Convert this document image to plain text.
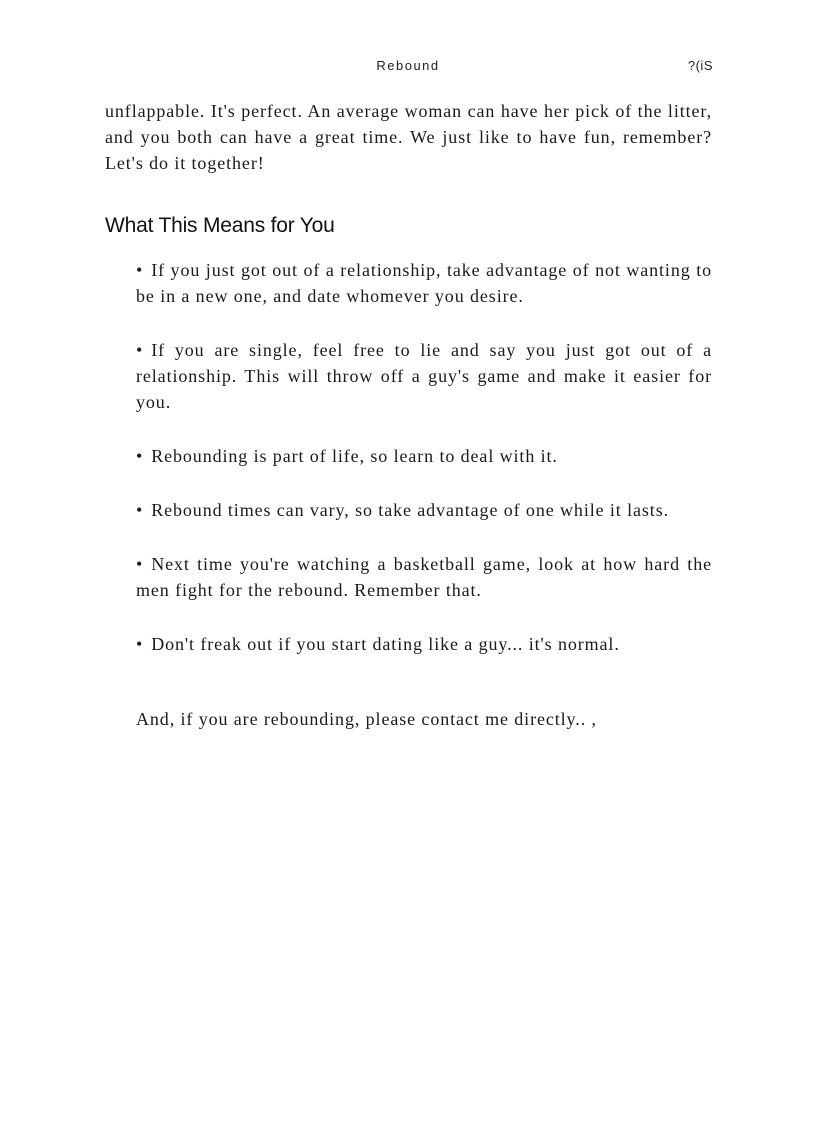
Rebound	?(iS

unflappable. It's perfect. An average woman can have her pick of the litter, and you both can have a great time. We just like to have fun, remember? Let's do it together!

What This Means for You
• If you just got out of a relationship, take advantage of not wanting to be in a new one, and date whomever you desire.
• If you are single, feel free to lie and say you just got out of a relationship. This will throw off a guy's game and make it easier for you.
• Rebounding is part of life, so learn to deal with it.
• Rebound times can vary, so take advantage of one while it lasts.
• Next time you're watching a basketball game, look at how hard the men fight for the rebound. Remember that.
• Don't freak out if you start dating like a guy... it's normal.

And, if you are rebounding, please contact me directly.. ,
